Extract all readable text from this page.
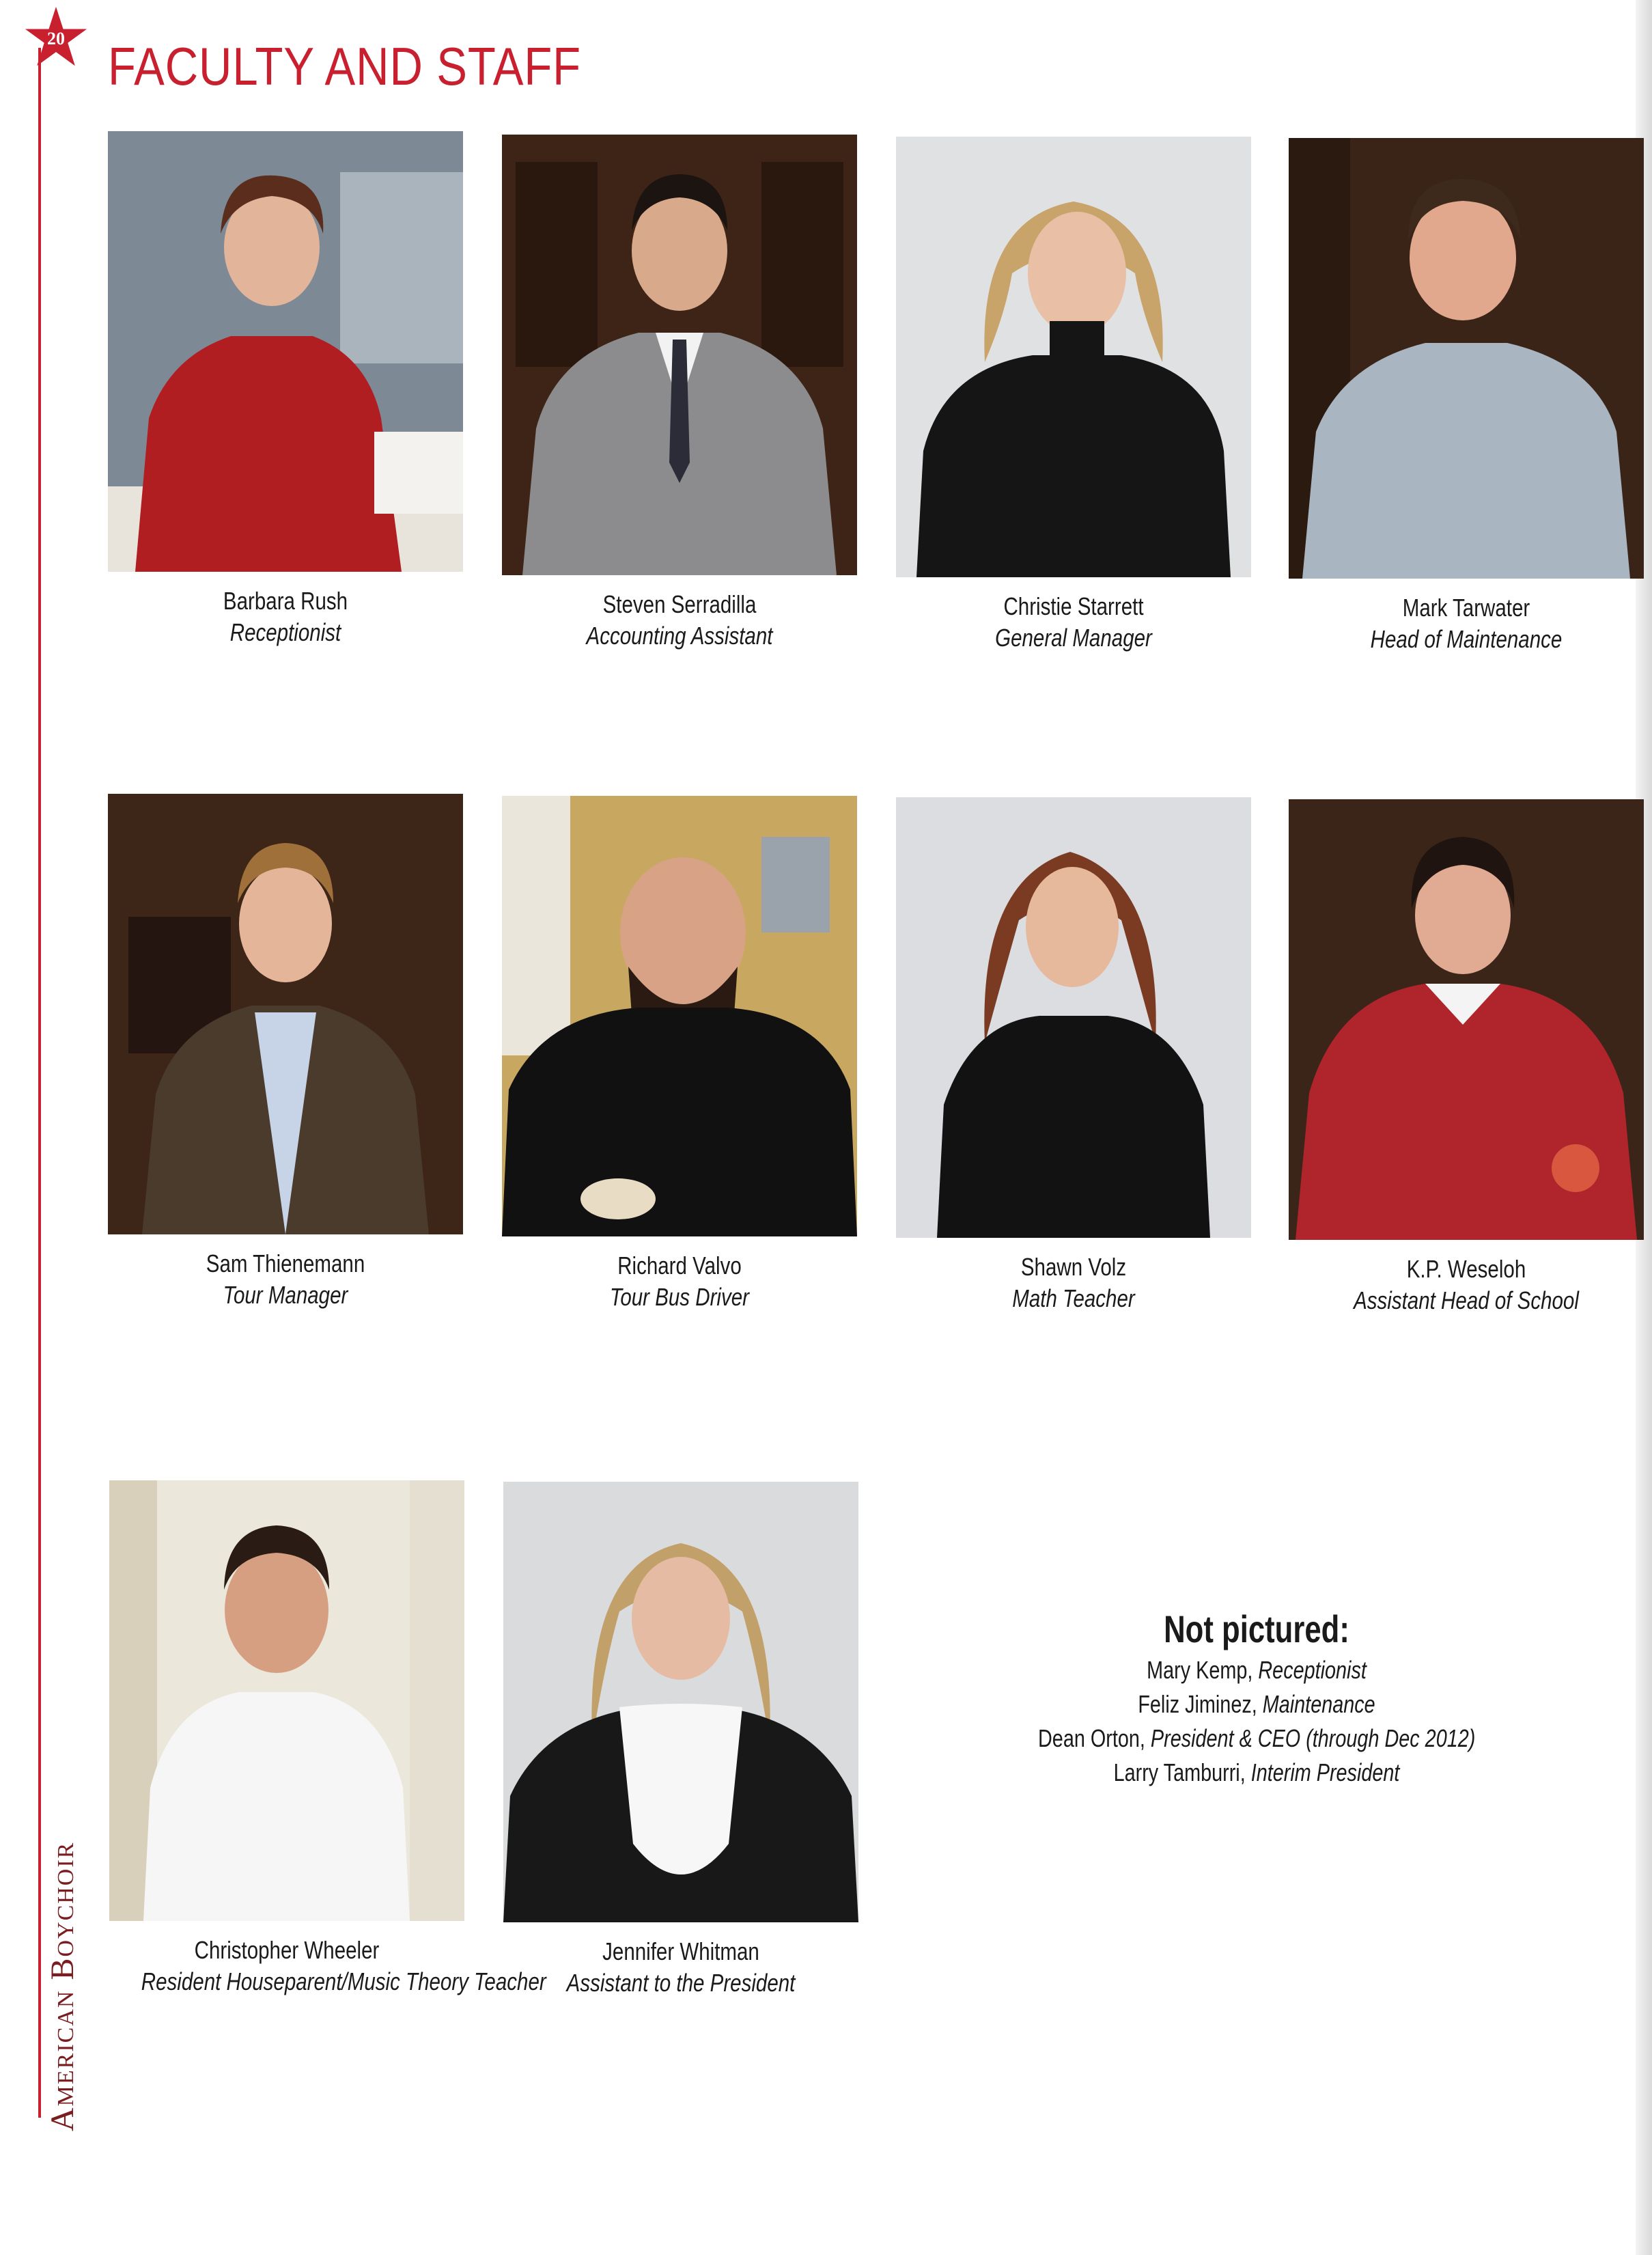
20 FACULTY AND STAFF
American Boychoir
Barbara Rush
Receptionist
Steven Serradilla
Accounting Assistant
Christie Starrett
General Manager
Mark Tarwater
Head of Maintenance
Sam Thienemann
Tour Manager
Richard Valvo
Tour Bus Driver
Shawn Volz
Math Teacher
K.P. Weseloh
Assistant Head of School
Christopher Wheeler
Resident Houseparent/Music Theory Teacher
Jennifer Whitman
Assistant to the President
Not pictured:
Mary Kemp, Receptionist
Feliz Jiminez, Maintenance
Dean Orton, President & CEO (through Dec 2012)
Larry Tamburri, Interim President
